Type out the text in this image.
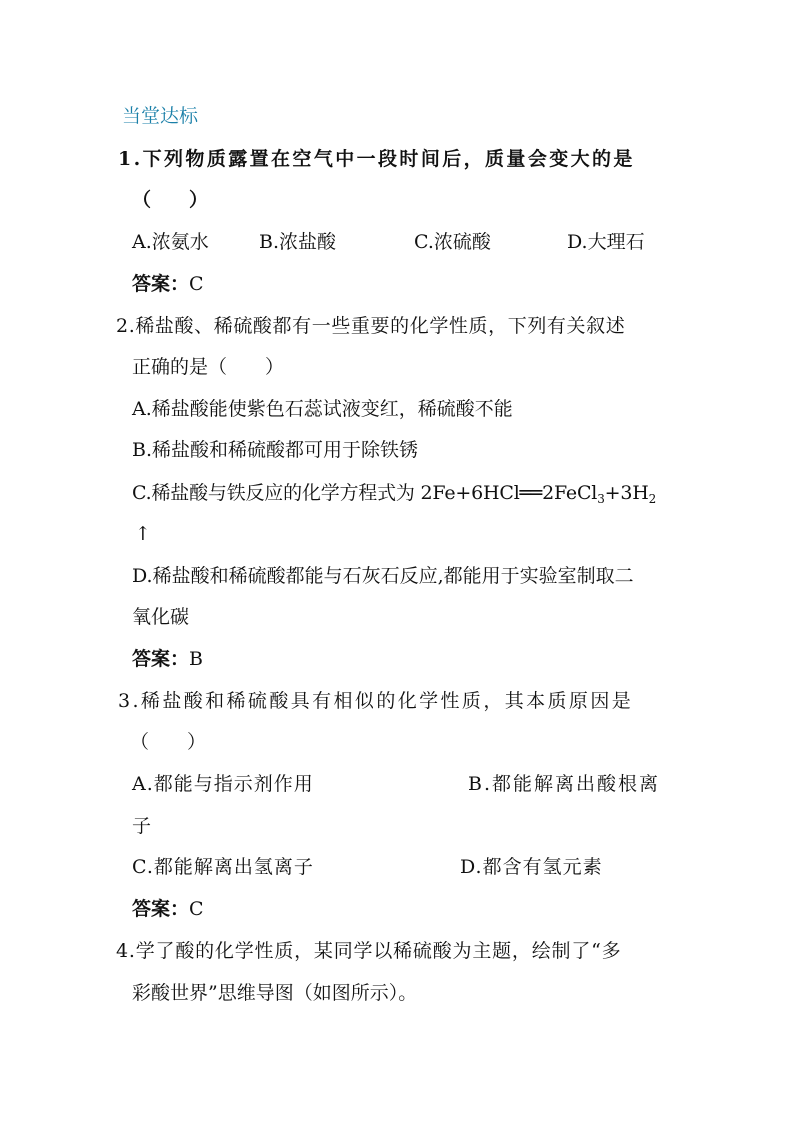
当堂达标
1.下列物质露置在空气中一段时间后，质量会变大的是
（　　）
A.浓氨水	B.浓盐酸	C.浓硫酸	D.大理石
答案：C
2.稀盐酸、稀硫酸都有一些重要的化学性质，下列有关叙述
正确的是（　　）
A.稀盐酸能使紫色石蕊试液变红，稀硫酸不能
B.稀盐酸和稀硫酸都可用于除铁锈
C.稀盐酸与铁反应的化学方程式为 $2Fe+6HCl══2FeCl_3+3H_2$
↑
D.稀盐酸和稀硫酸都能与石灰石反应,都能用于实验室制取二
氧化碳
答案：B
3.稀盐酸和稀硫酸具有相似的化学性质，其本质原因是
（　　）
A.都能与指示剂作用	B.都能解离出酸根离
子
C.都能解离出氢离子	D.都含有氢元素
答案：C
4.学了酸的化学性质，某同学以稀硫酸为主题，绘制了“多
彩酸世界”思维导图（如图所示）。
